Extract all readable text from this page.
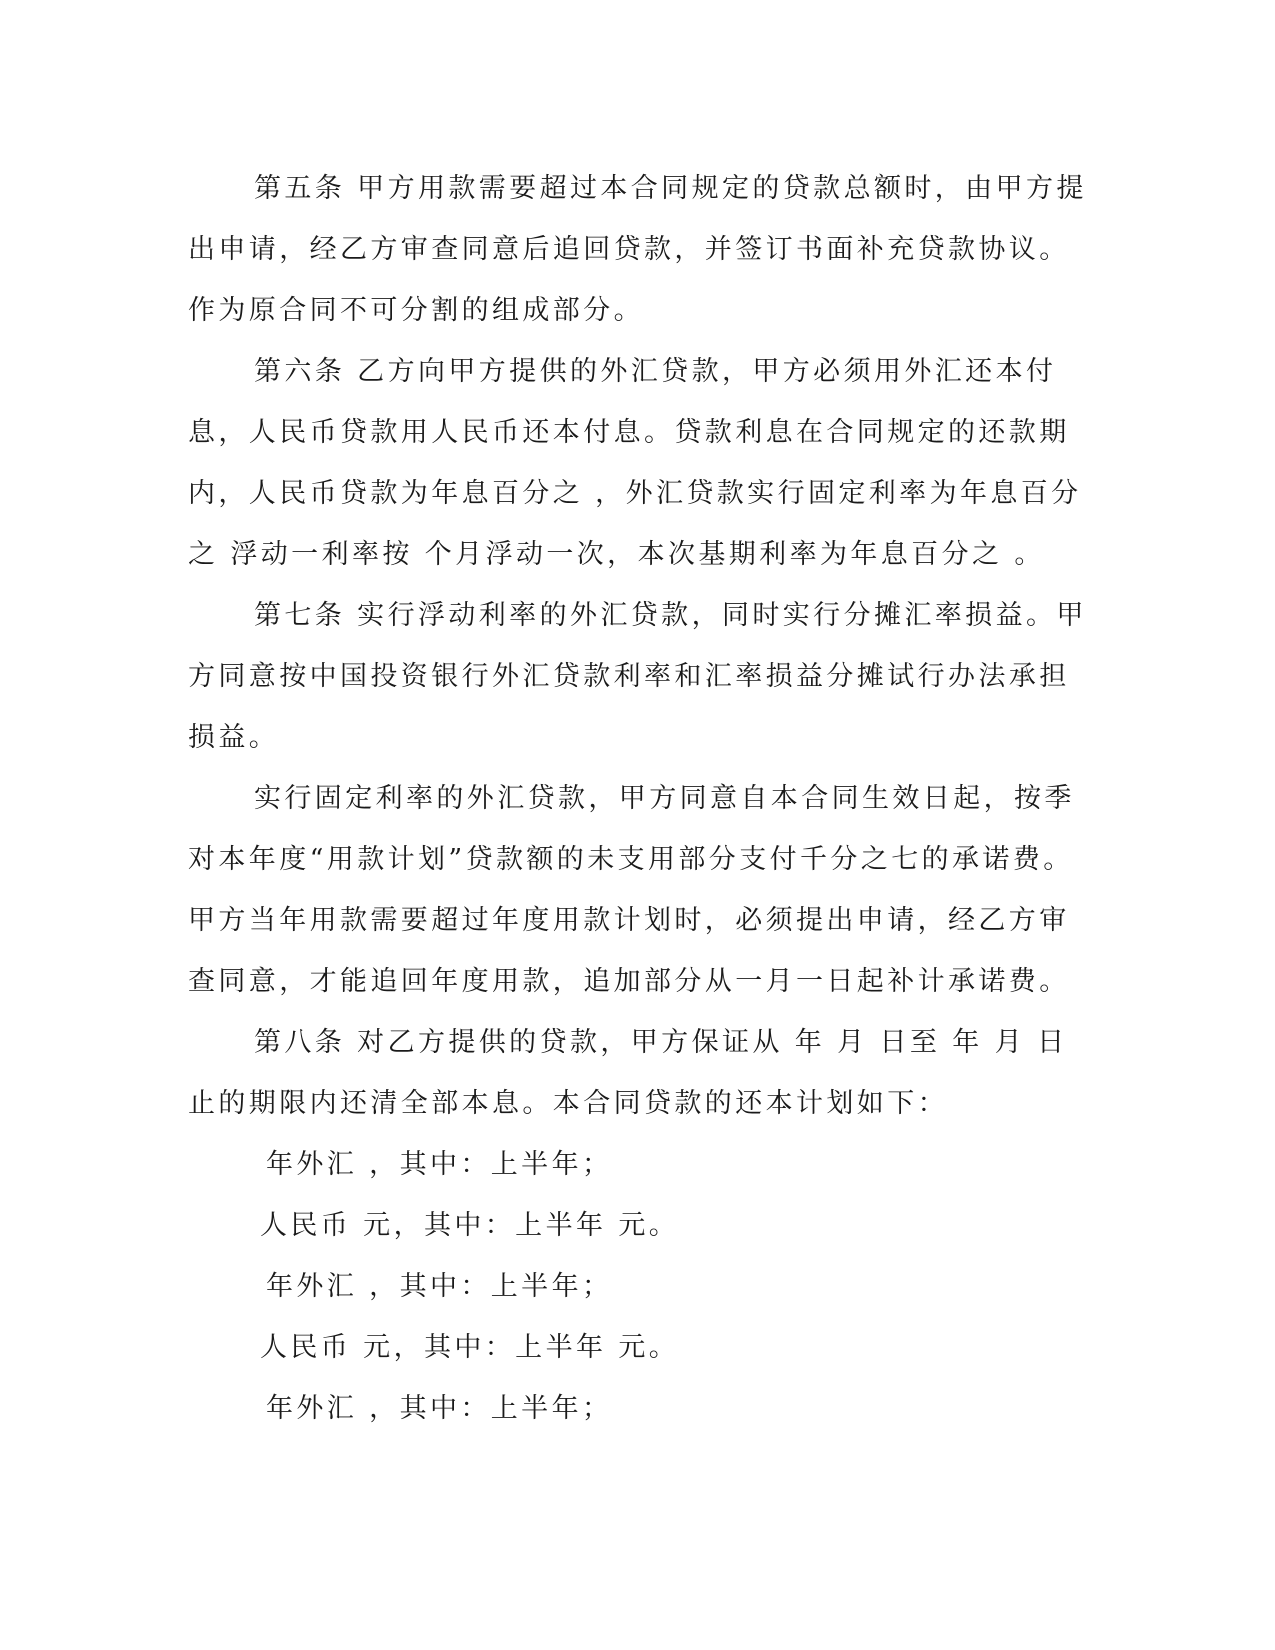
第五条 甲方用款需要超过本合同规定的贷款总额时，由甲方提出申请，经乙方审查同意后追回贷款，并签订书面补充贷款协议。作为原合同不可分割的组成部分。

第六条 乙方向甲方提供的外汇贷款，甲方必须用外汇还本付息，人民币贷款用人民币还本付息。贷款利息在合同规定的还款期内，人民币贷款为年息百分之 ，外汇贷款实行固定利率为年息百分之 浮动一利率按 个月浮动一次，本次基期利率为年息百分之 。

第七条 实行浮动利率的外汇贷款，同时实行分摊汇率损益。甲方同意按中国投资银行外汇贷款利率和汇率损益分摊试行办法承担损益。

实行固定利率的外汇贷款，甲方同意自本合同生效日起，按季对本年度“用款计划”贷款额的未支用部分支付千分之七的承诺费。甲方当年用款需要超过年度用款计划时，必须提出申请，经乙方审查同意，才能追回年度用款，追加部分从一月一日起补计承诺费。

第八条 对乙方提供的贷款，甲方保证从 年 月 日至 年 月 日止的期限内还清全部本息。本合同贷款的还本计划如下：

年外汇 ，其中：上半年；

人民币 元，其中：上半年 元。

年外汇 ，其中：上半年；

人民币 元，其中：上半年 元。

年外汇 ，其中：上半年；
